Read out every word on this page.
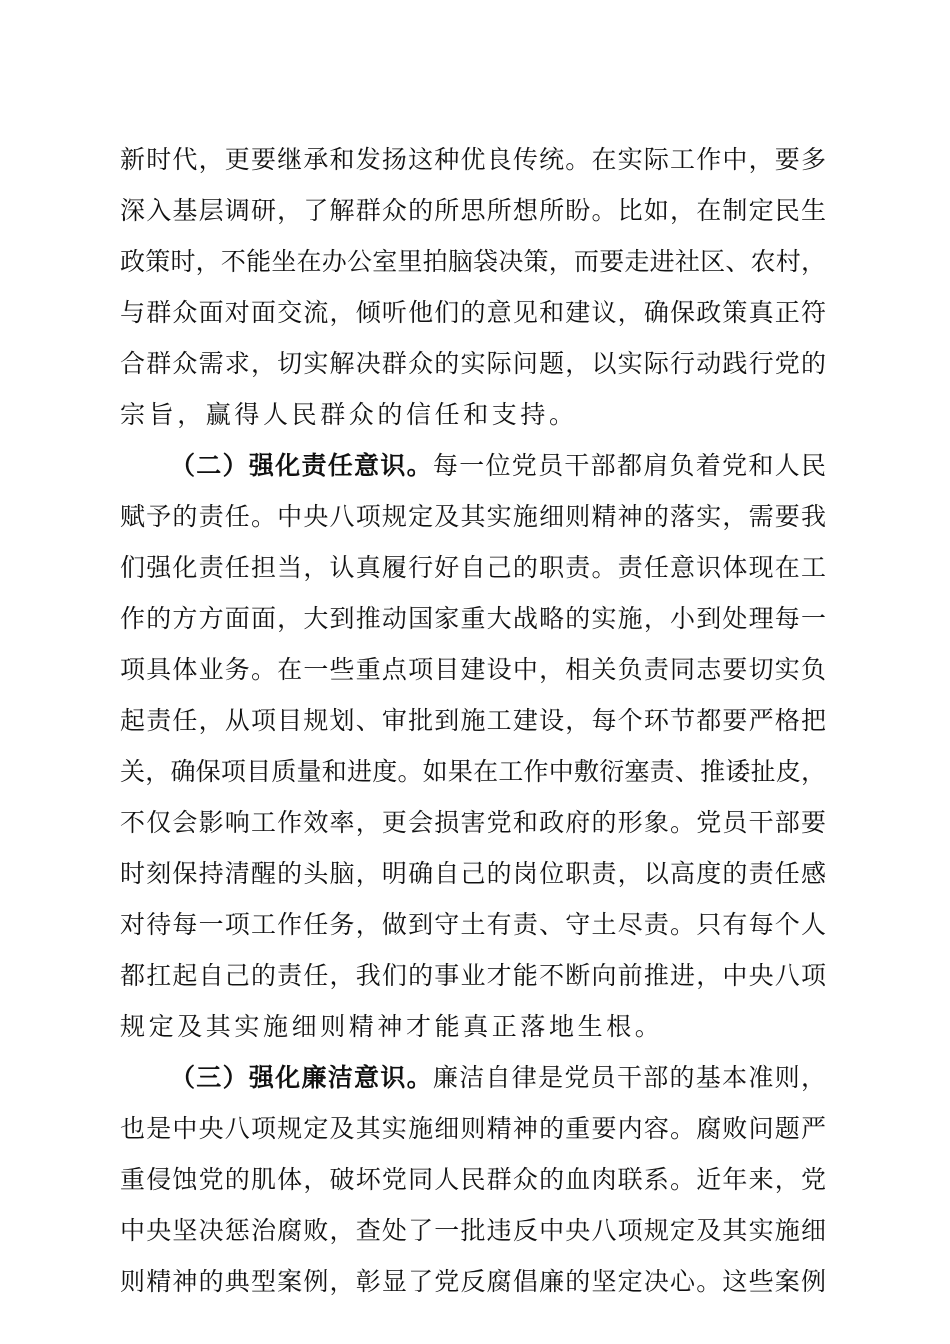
新时代，更要继承和发扬这种优良传统。在实际工作中，要多
深入基层调研，了解群众的所思所想所盼。比如，在制定民生
政策时，不能坐在办公室里拍脑袋决策，而要走进社区、农村，
与群众面对面交流，倾听他们的意见和建议，确保政策真正符
合群众需求，切实解决群众的实际问题，以实际行动践行党的
宗旨，赢得人民群众的信任和支持。
（二）强化责任意识。每一位党员干部都肩负着党和人民
赋予的责任。中央八项规定及其实施细则精神的落实，需要我
们强化责任担当，认真履行好自己的职责。责任意识体现在工
作的方方面面，大到推动国家重大战略的实施，小到处理每一
项具体业务。在一些重点项目建设中，相关负责同志要切实负
起责任，从项目规划、审批到施工建设，每个环节都要严格把
关，确保项目质量和进度。如果在工作中敷衍塞责、推诿扯皮，
不仅会影响工作效率，更会损害党和政府的形象。党员干部要
时刻保持清醒的头脑，明确自己的岗位职责，以高度的责任感
对待每一项工作任务，做到守土有责、守土尽责。只有每个人
都扛起自己的责任，我们的事业才能不断向前推进，中央八项
规定及其实施细则精神才能真正落地生根。
（三）强化廉洁意识。廉洁自律是党员干部的基本准则，
也是中央八项规定及其实施细则精神的重要内容。腐败问题严
重侵蚀党的肌体，破坏党同人民群众的血肉联系。近年来，党
中央坚决惩治腐败，查处了一批违反中央八项规定及其实施细
则精神的典型案例，彰显了党反腐倡廉的坚定决心。这些案例
